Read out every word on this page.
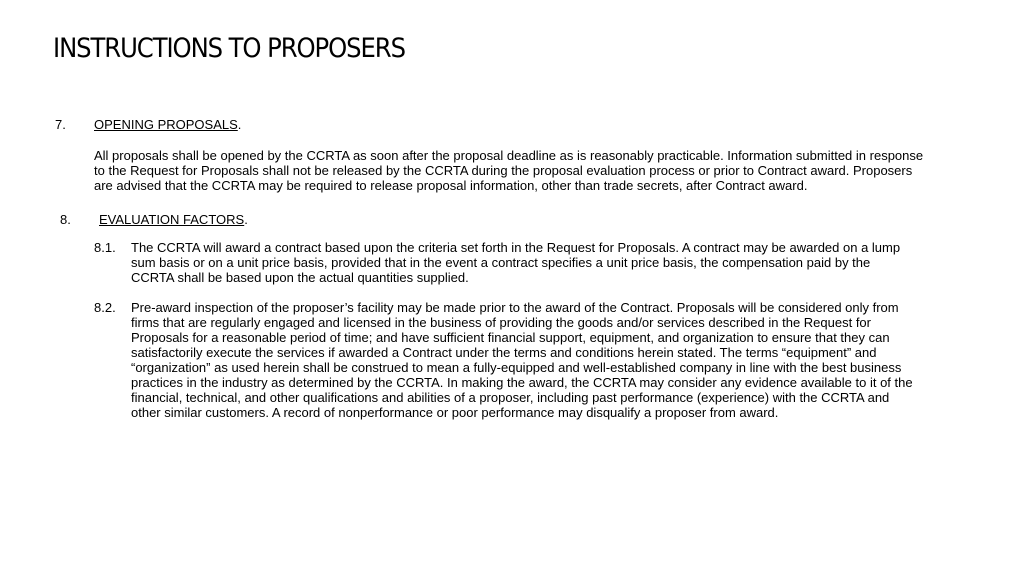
INSTRUCTIONS TO PROPOSERS
7.	OPENING PROPOSALS .

All proposals shall be opened by the CCRTA as soon after the proposal deadline as is reasonably practicable. Information submitted in response to the Request for Proposals shall not be released by the CCRTA during the proposal evaluation process or prior to Contract award. Proposers are advised that the CCRTA may be required to release proposal information, other than trade secrets, after Contract award.

8.	EVALUATION FACTORS .
8.1.	The CCRTA will award a contract based upon the criteria set forth in the Request for Proposals. A contract may be awarded on a lump sum basis or on a unit price basis, provided that in the event a contract specifies a unit price basis, the compensation paid by the CCRTA shall be based upon the actual quantities supplied.
8.2.	Pre-award inspection of the proposer’s facility may be made prior to the award of the Contract. Proposals will be considered only from firms that are regularly engaged and licensed in the business of providing the goods and/or services described in the Request for Proposals for a reasonable period of time; and have sufficient financial support, equipment, and organization to ensure that they can satisfactorily execute the services if awarded a Contract under the terms and conditions herein stated. The terms “equipment” and “organization” as used herein shall be construed to mean a fully-equipped and well-established company in line with the best business practices in the industry as determined by the CCRTA. In making the award, the CCRTA may consider any evidence available to it of the financial, technical, and other qualifications and abilities of a proposer, including past performance (experience) with the CCRTA and other similar customers. A record of nonperformance or poor performance may disqualify a proposer from award.
